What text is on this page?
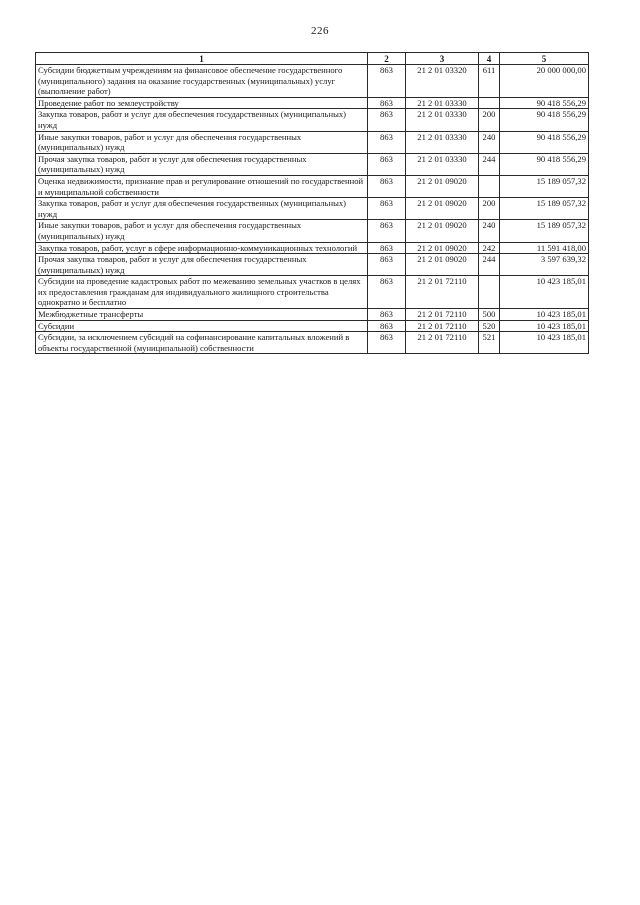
226
1	2	3	4	5
Субсидии бюджетным учреждениям на финансовое обеспечение государственного (муниципального) задания на оказание государственных (муниципальных) услуг (выполнение работ)	863	21 2 01 03320	611	20 000 000,00
Проведение работ по землеустройству	863	21 2 01 03330		90 418 556,29
Закупка товаров, работ и услуг для обеспечения государственных (муниципальных) нужд	863	21 2 01 03330	200	90 418 556,29
Иные закупки товаров, работ и услуг для обеспечения государственных (муниципальных) нужд	863	21 2 01 03330	240	90 418 556,29
Прочая закупка товаров, работ и услуг для обеспечения государственных (муниципальных) нужд	863	21 2 01 03330	244	90 418 556,29
Оценка недвижимости, признание прав и регулирование отношений по государственной и муниципальной собственности	863	21 2 01 09020		15 189 057,32
Закупка товаров, работ и услуг для обеспечения государственных (муниципальных) нужд	863	21 2 01 09020	200	15 189 057,32
Иные закупки товаров, работ и услуг для обеспечения государственных (муниципальных) нужд	863	21 2 01 09020	240	15 189 057,32
Закупка товаров, работ, услуг в сфере информационно-коммуникационных технологий	863	21 2 01 09020	242	11 591 418,00
Прочая закупка товаров, работ и услуг для обеспечения государственных (муниципальных) нужд	863	21 2 01 09020	244	3 597 639,32
Субсидии на проведение кадастровых работ по межеванию земельных участков в целях их предоставления гражданам для индивидуального жилищного строительства однократно и бесплатно	863	21 2 01 72110		10 423 185,01
Межбюджетные трансферты	863	21 2 01 72110	500	10 423 185,01
Субсидии	863	21 2 01 72110	520	10 423 185,01
Субсидии, за исключением субсидий на софинансирование капитальных вложений в объекты государственной (муниципальной) собственности	863	21 2 01 72110	521	10 423 185,01
